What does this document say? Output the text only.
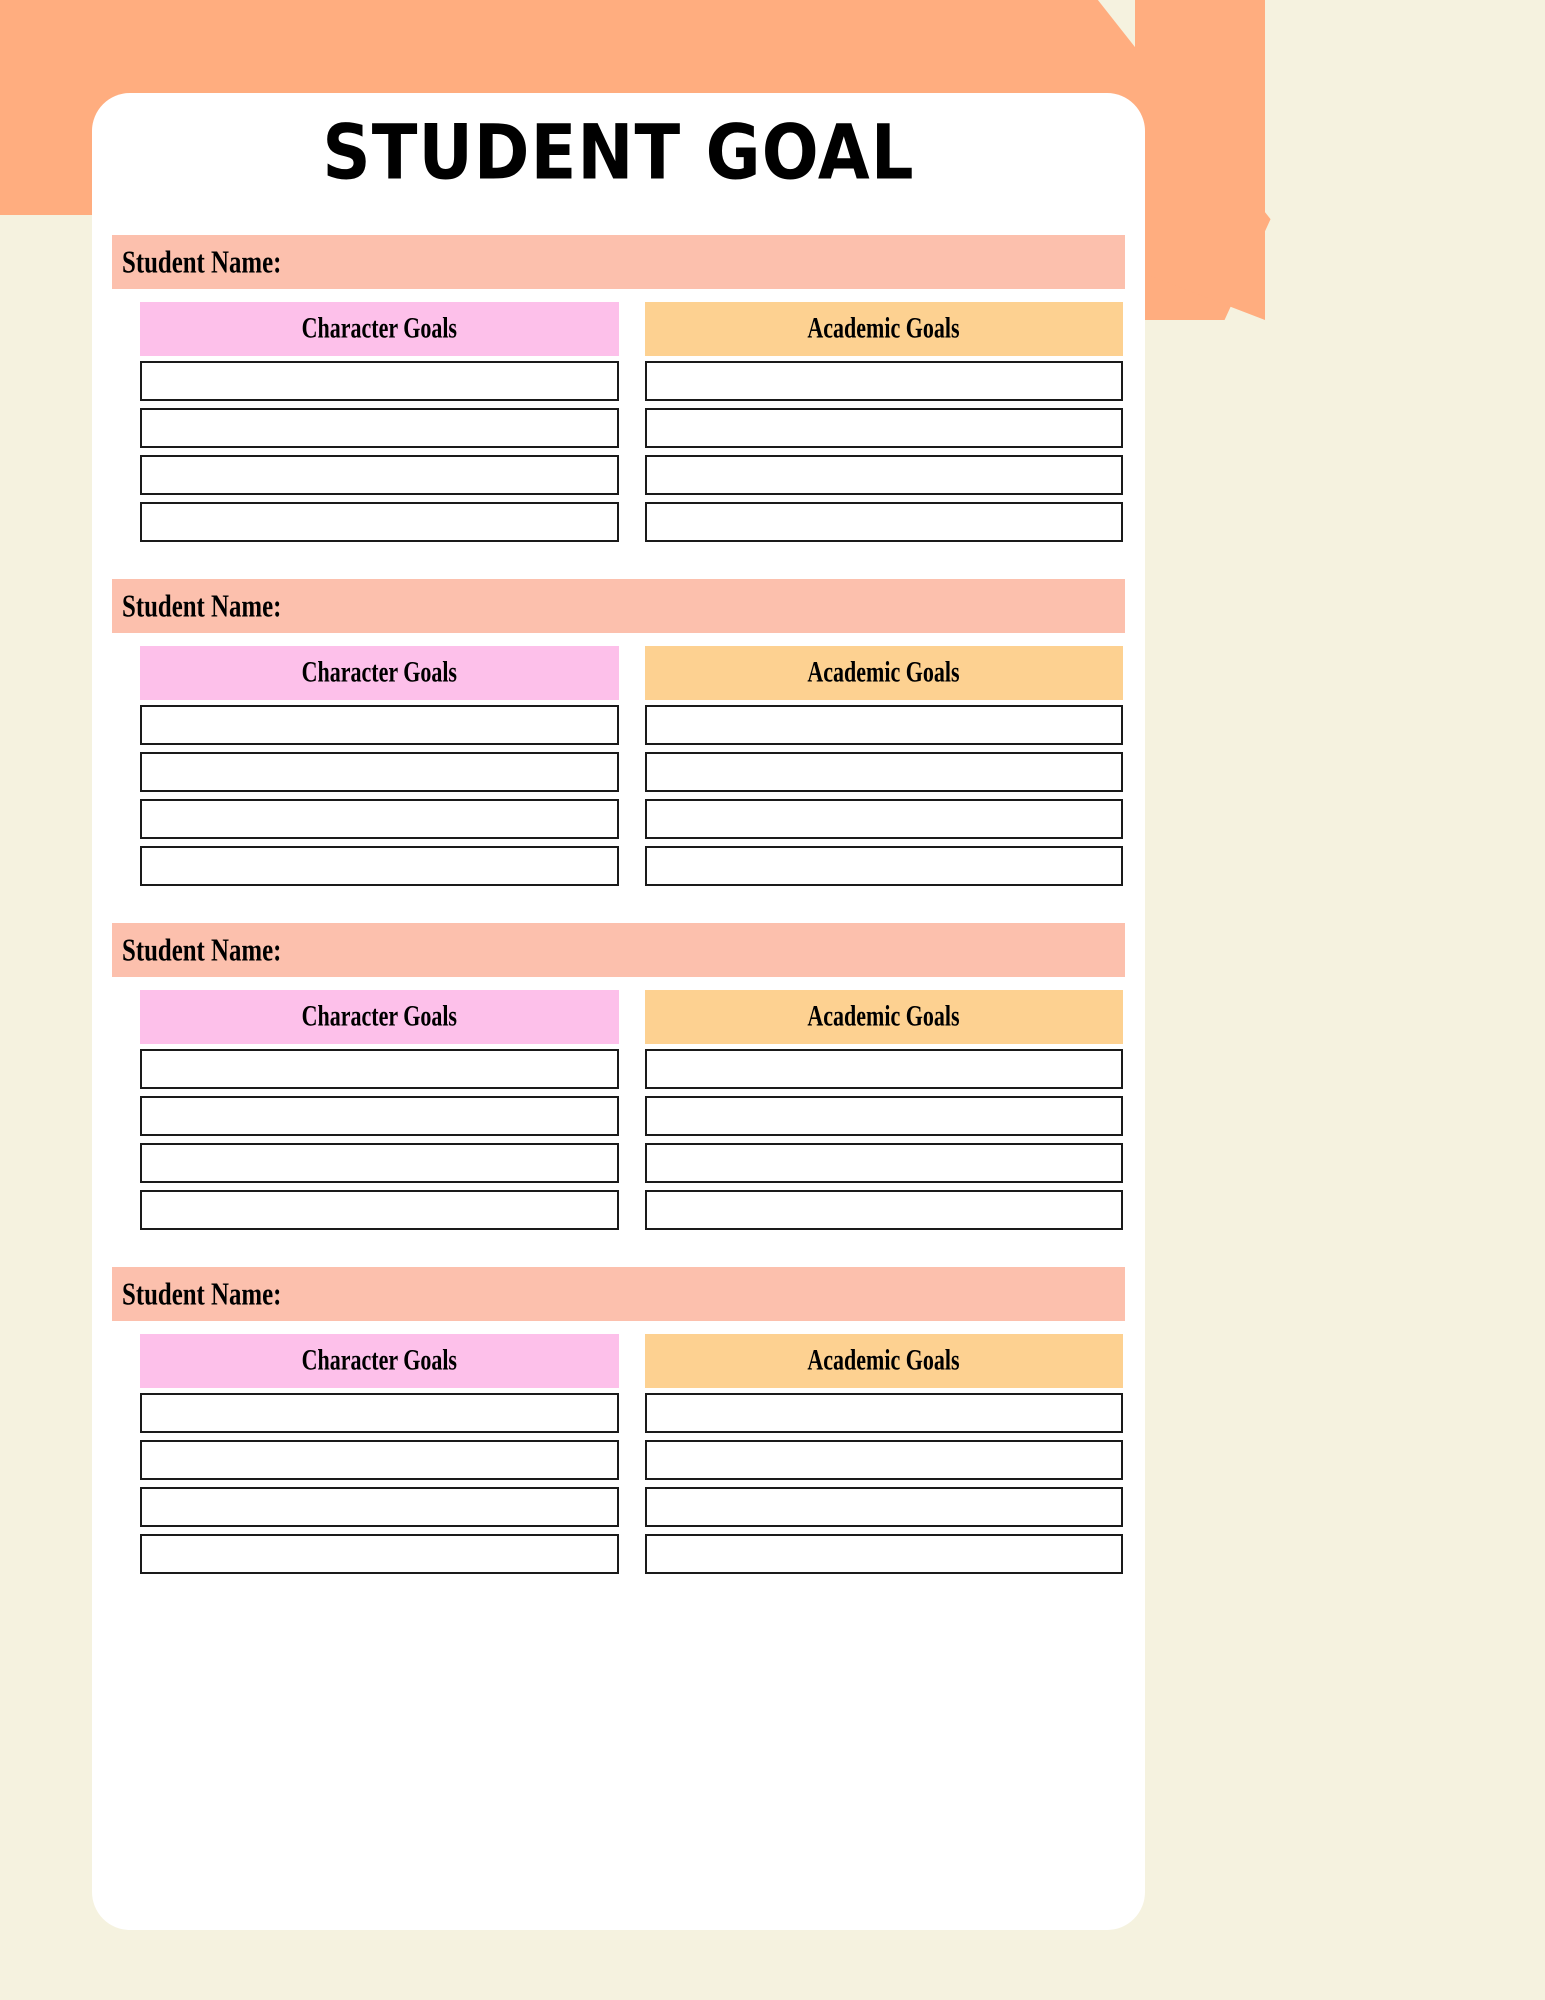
STUDENT GOAL
Student Name:
Character Goals	Academic Goals
Student Name:
Character Goals	Academic Goals
Student Name:
Character Goals	Academic Goals
Student Name:
Character Goals	Academic Goals
